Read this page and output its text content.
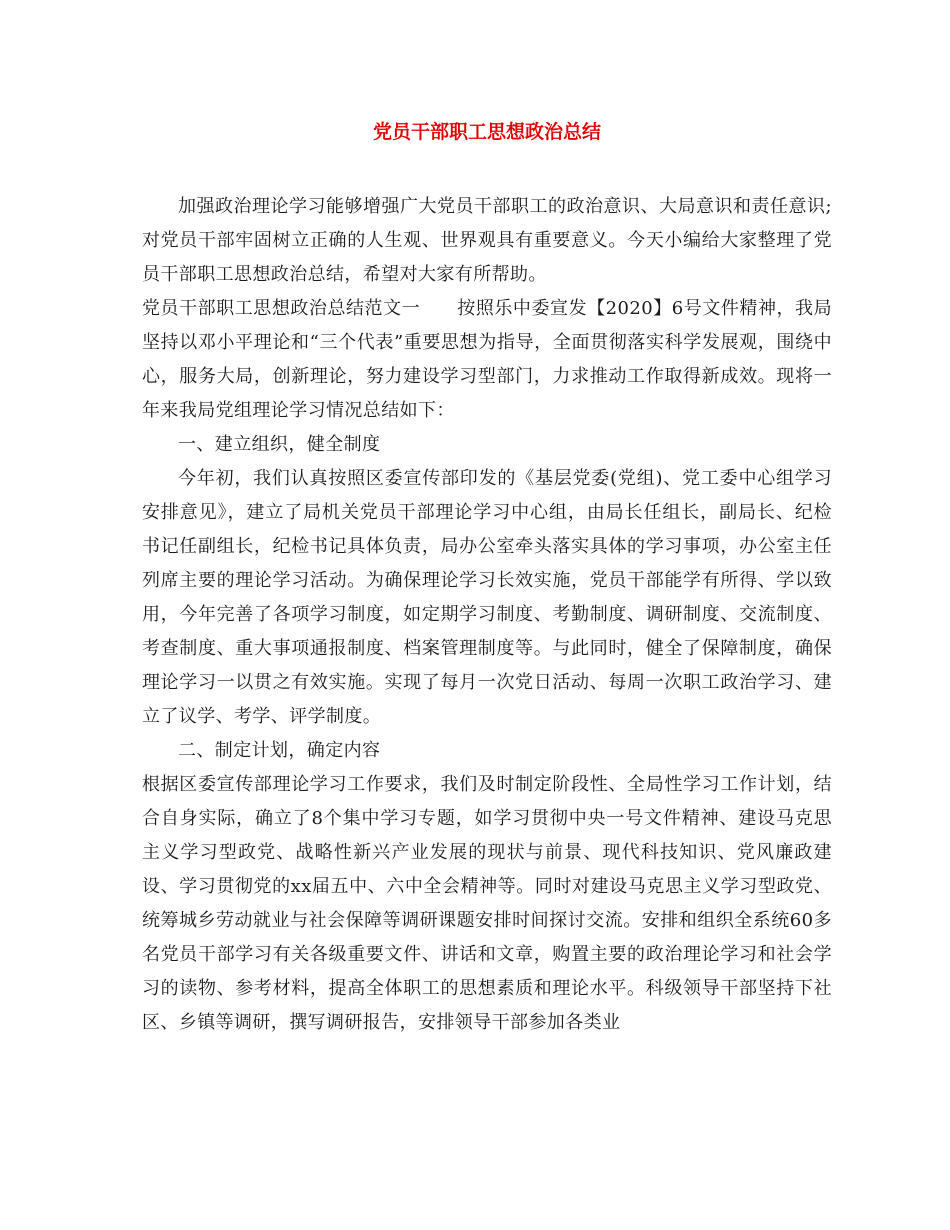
党员干部职工思想政治总结

加强政治理论学习能够增强广大党员干部职工的政治意识、大局意识和责任意识;对党员干部牢固树立正确的人生观、世界观具有重要意义。今天小编给大家整理了党员干部职工思想政治总结，希望对大家有所帮助。

党员干部职工思想政治总结范文一　　按照乐中委宣发【2020】6号文件精神，我局坚持以邓小平理论和“三个代表”重要思想为指导，全面贯彻落实科学发展观，围绕中心，服务大局，创新理论，努力建设学习型部门，力求推动工作取得新成效。现将一年来我局党组理论学习情况总结如下：

一、建立组织，健全制度

今年初，我们认真按照区委宣传部印发的《基层党委(党组)、党工委中心组学习安排意见》，建立了局机关党员干部理论学习中心组，由局长任组长，副局长、纪检书记任副组长，纪检书记具体负责，局办公室牵头落实具体的学习事项，办公室主任列席主要的理论学习活动。为确保理论学习长效实施，党员干部能学有所得、学以致用，今年完善了各项学习制度，如定期学习制度、考勤制度、调研制度、交流制度、考查制度、重大事项通报制度、档案管理制度等。与此同时，健全了保障制度，确保理论学习一以贯之有效实施。实现了每月一次党日活动、每周一次职工政治学习、建立了议学、考学、评学制度。

二、制定计划，确定内容

根据区委宣传部理论学习工作要求，我们及时制定阶段性、全局性学习工作计划，结合自身实际，确立了8个集中学习专题，如学习贯彻中央一号文件精神、建设马克思主义学习型政党、战略性新兴产业发展的现状与前景、现代科技知识、党风廉政建设、学习贯彻党的xx届五中、六中全会精神等。同时对建设马克思主义学习型政党、统筹城乡劳动就业与社会保障等调研课题安排时间探讨交流。安排和组织全系统60多名党员干部学习有关各级重要文件、讲话和文章，购置主要的政治理论学习和社会学习的读物、参考材料，提高全体职工的思想素质和理论水平。科级领导干部坚持下社区、乡镇等调研，撰写调研报告，安排领导干部参加各类业
